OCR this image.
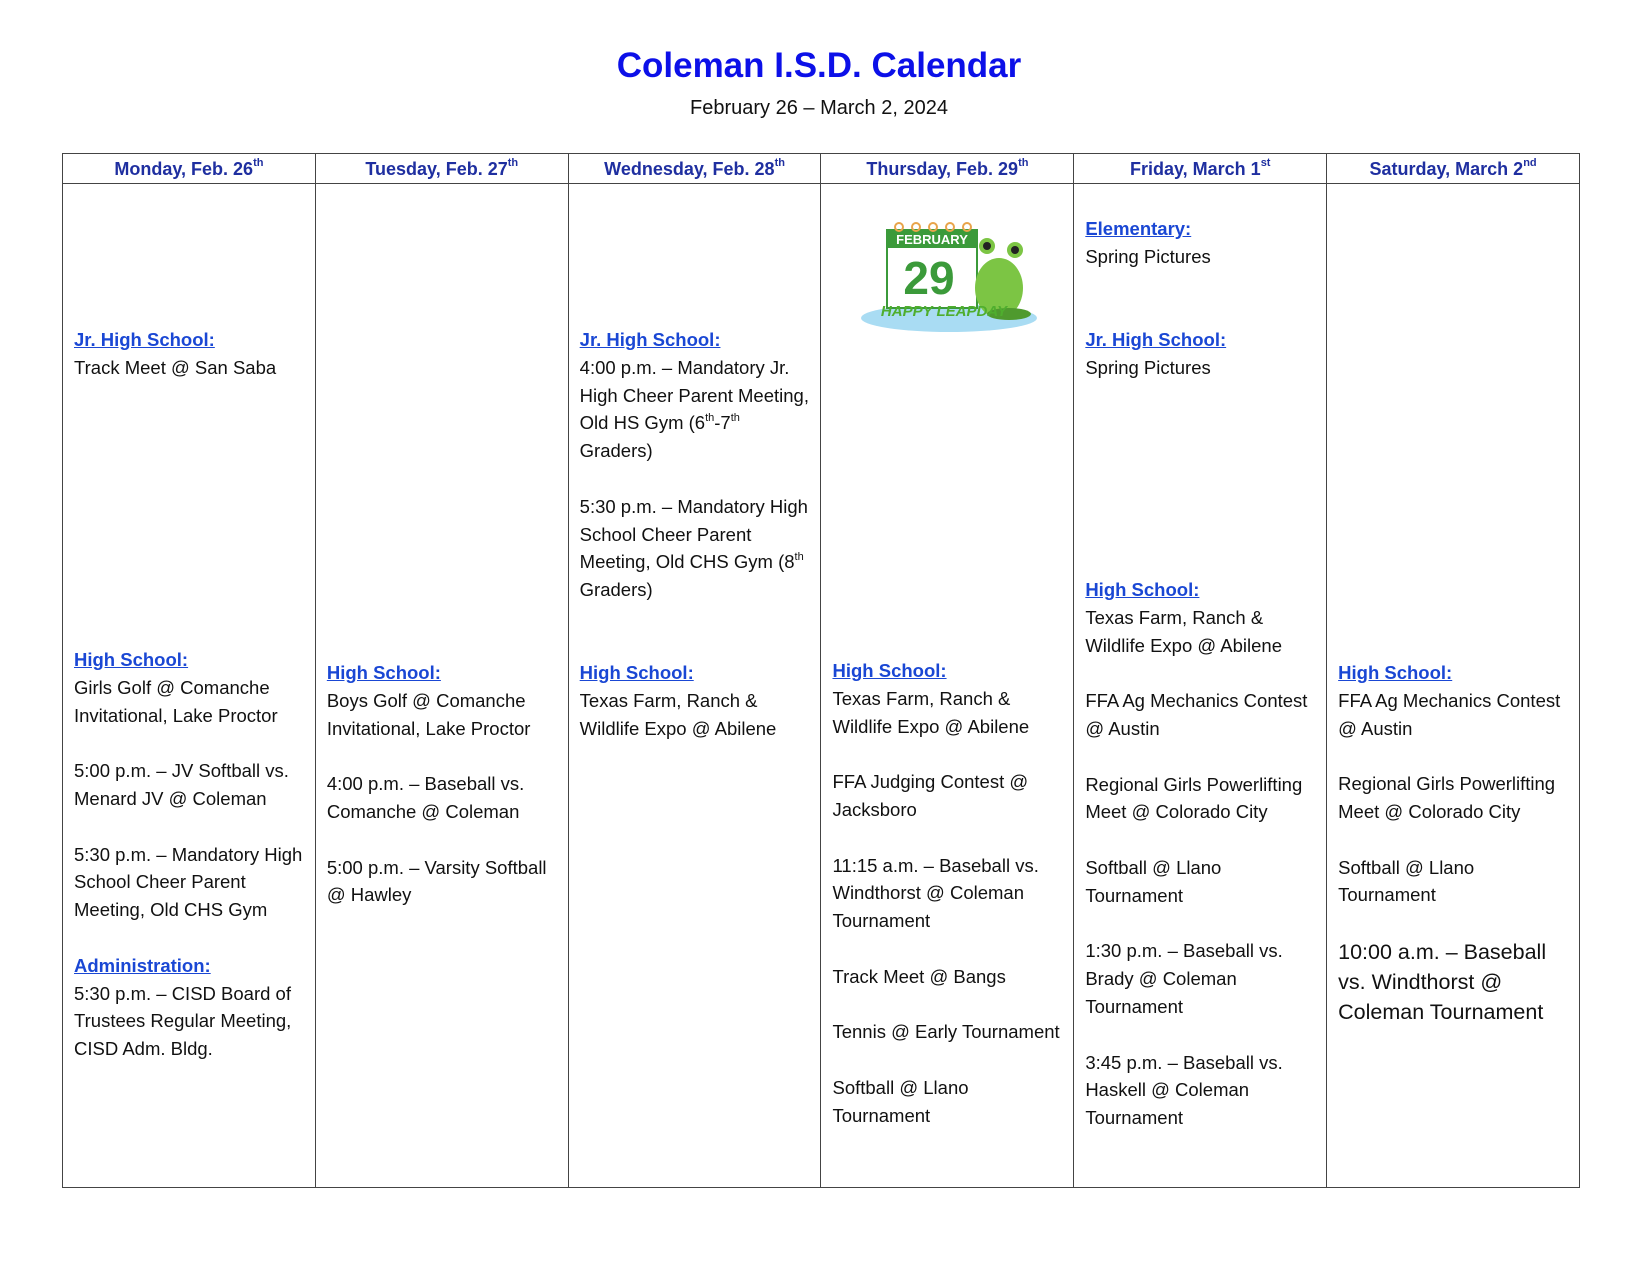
Coleman I.S.D. Calendar
February 26 – March 2, 2024
Monday, Feb. 26th
Jr. High School:
Track Meet @ San Saba
High School:
Girls Golf @ Comanche Invitational, Lake Proctor
5:00 p.m. – JV Softball vs. Menard JV @ Coleman
5:30 p.m. – Mandatory High School Cheer Parent Meeting, Old CHS Gym
Administration:
5:30 p.m. – CISD Board of Trustees Regular Meeting, CISD Adm. Bldg.
Tuesday, Feb. 27th
High School:
Boys Golf @ Comanche Invitational, Lake Proctor
4:00 p.m. – Baseball vs. Comanche @ Coleman
5:00 p.m. – Varsity Softball @ Hawley
Wednesday, Feb. 28th
Jr. High School:
4:00 p.m. – Mandatory Jr. High Cheer Parent Meeting, Old HS Gym (6th-7th Graders)
5:30 p.m. – Mandatory High School Cheer Parent Meeting, Old CHS Gym (8th Graders)
High School:
Texas Farm, Ranch & Wildlife Expo @ Abilene
Thursday, Feb. 29th
FEBRUARY
29
HAPPY LEAPDAY
High School:
Texas Farm, Ranch & Wildlife Expo @ Abilene
FFA Judging Contest @ Jacksboro
11:15 a.m. – Baseball vs. Windthorst @ Coleman Tournament
Track Meet @ Bangs
Tennis @ Early Tournament
Softball @ Llano Tournament
Friday, March 1st
Elementary:
Spring Pictures
Jr. High School:
Spring Pictures
High School:
Texas Farm, Ranch & Wildlife Expo @ Abilene
FFA Ag Mechanics Contest @ Austin
Regional Girls Powerlifting Meet @ Colorado City
Softball @ Llano Tournament
1:30 p.m. – Baseball vs. Brady @ Coleman Tournament
3:45 p.m. – Baseball vs. Haskell @ Coleman Tournament
Saturday, March 2nd
High School:
FFA Ag Mechanics Contest @ Austin
Regional Girls Powerlifting Meet @ Colorado City
Softball @ Llano Tournament
10:00 a.m. – Baseball vs. Windthorst @ Coleman Tournament
